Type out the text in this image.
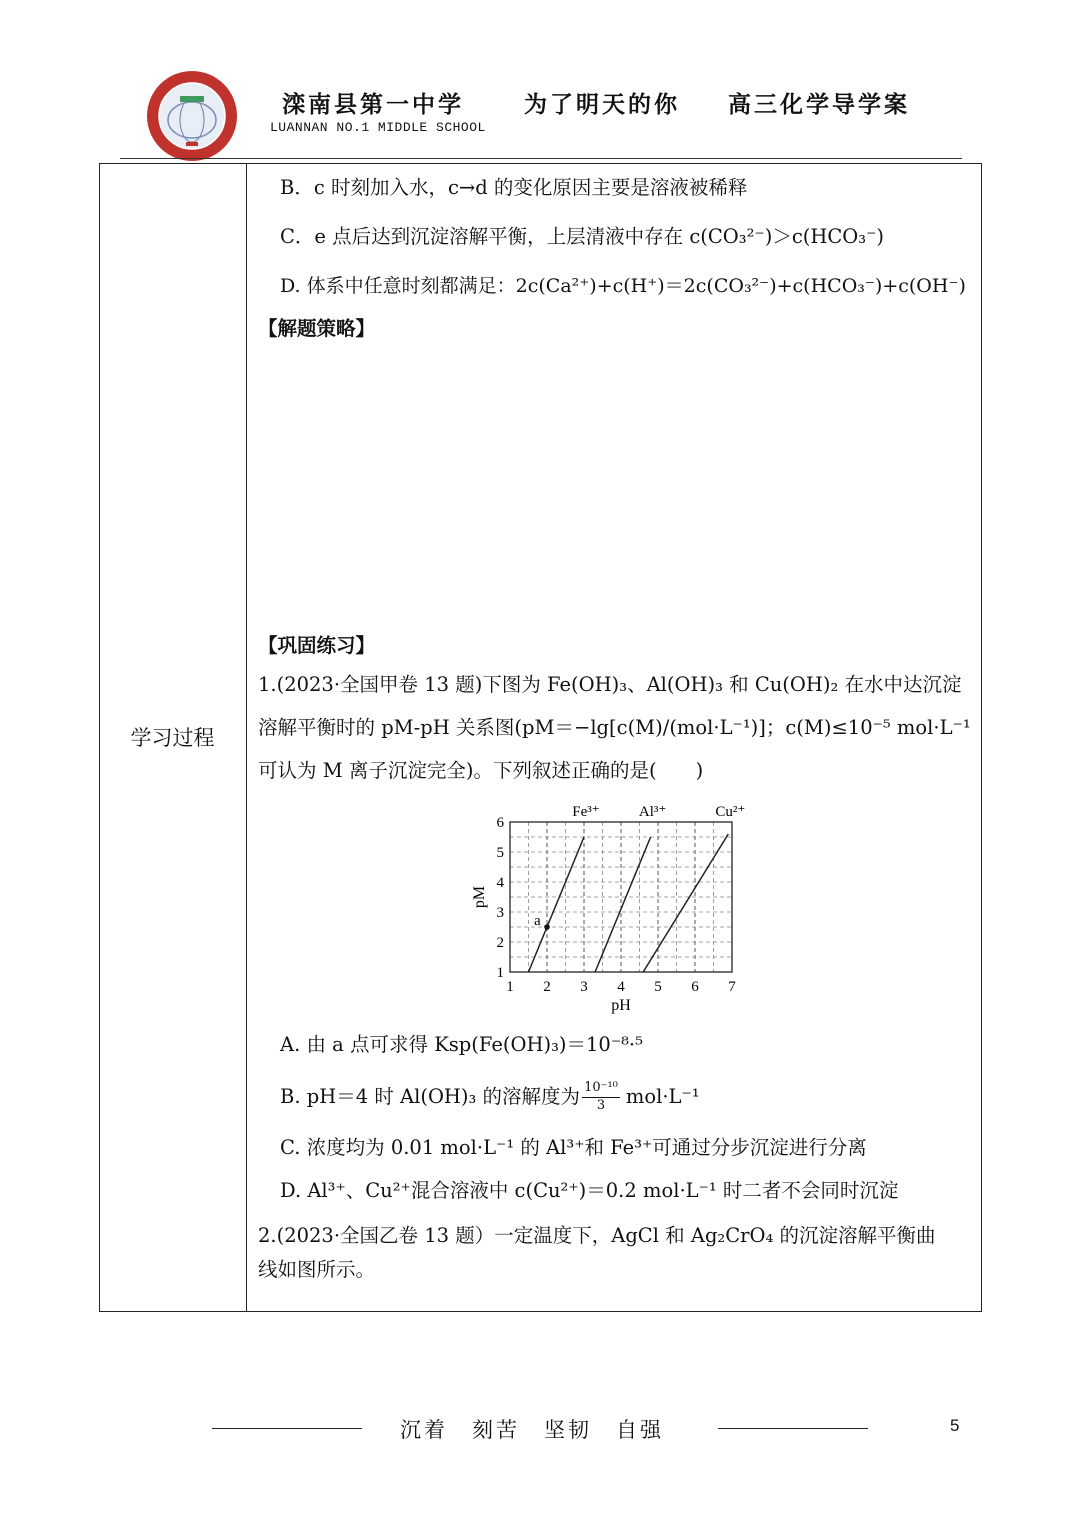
滦南县第一中学
LUANNAN NO.1 MIDDLE SCHOOL
为了明天的你 高三化学导学案
学习过程
B．c 时刻加入水，c→d 的变化原因主要是溶液被稀释
C．e 点后达到沉淀溶解平衡，上层清液中存在 c(CO₃²⁻)＞c(HCO₃⁻)
D. 体系中任意时刻都满足：2c(Ca²⁺)+c(H⁺)＝2c(CO₃²⁻)+c(HCO₃⁻)+c(OH⁻)
【解题策略】
【巩固练习】
1.(2023·全国甲卷 13 题)下图为 Fe(OH)₃、Al(OH)₃ 和 Cu(OH)₂ 在水中达沉淀
溶解平衡时的 pM-pH 关系图(pM＝−lg[c(M)/(mol·L⁻¹)]；c(M)≤10⁻⁵ mol·L⁻¹
可认为 M 离子沉淀完全)。下列叙述正确的是(　　)
1 2 3 4 5 6 7
1
2
3
4
5
6
pH
pM
Fe³⁺	Al³⁺	Cu²⁺
a
A. 由 a 点可求得 Ksp(Fe(OH)₃)＝10⁻⁸·⁵
B. pH＝4 时 Al(OH)₃ 的溶解度为 $\frac{\text{10⁻¹⁰}}{3} mol\cdot L^{-1}$
C. 浓度均为 0.01 mol·L⁻¹ 的 Al³⁺和 Fe³⁺可通过分步沉淀进行分离
D. Al³⁺、Cu²⁺混合溶液中 c(Cu²⁺)＝0.2 mol·L⁻¹ 时二者不会同时沉淀
2.(2023·全国乙卷 13 题）一定温度下，AgCl 和 Ag₂CrO₄ 的沉淀溶解平衡曲
线如图所示。
沉着　刻苦　坚韧　自强	5
